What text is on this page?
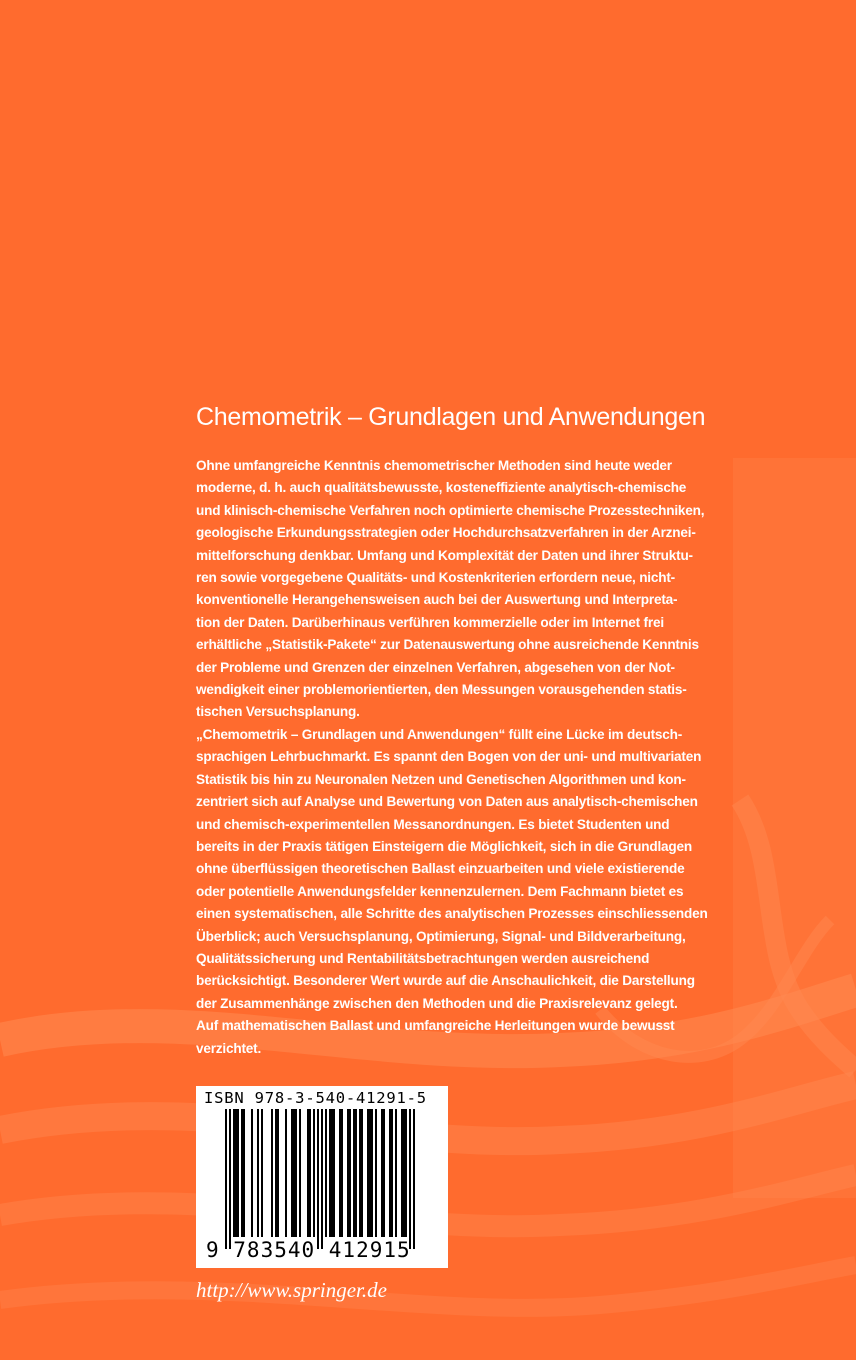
Chemometrik – Grundlagen und Anwendungen
Ohne umfangreiche Kenntnis chemometrischer Methoden sind heute weder
moderne, d. h. auch qualitätsbewusste, kosteneffiziente analytisch-chemische
und klinisch-chemische Verfahren noch optimierte chemische Prozesstechniken,
geologische Erkundungsstrategien oder Hochdurchsatzverfahren in der Arznei-
mittelforschung denkbar. Umfang und Komplexität der Daten und ihrer Struktu-
ren sowie vorgegebene Qualitäts- und Kostenkriterien erfordern neue, nicht-
konventionelle Herangehensweisen auch bei der Auswertung und Interpreta-
tion der Daten. Darüberhinaus verführen kommerzielle oder im Internet frei
erhältliche „Statistik-Pakete“ zur Datenauswertung ohne ausreichende Kenntnis
der Probleme und Grenzen der einzelnen Verfahren, abgesehen von der Not-
wendigkeit einer problemorientierten, den Messungen vorausgehenden statis-
tischen Versuchsplanung.
„Chemometrik – Grundlagen und Anwendungen“ füllt eine Lücke im deutsch-
sprachigen Lehrbuchmarkt. Es spannt den Bogen von der uni- und multivariaten
Statistik bis hin zu Neuronalen Netzen und Genetischen Algorithmen und kon-
zentriert sich auf Analyse und Bewertung von Daten aus analytisch-chemischen
und chemisch-experimentellen Messanordnungen. Es bietet Studenten und
bereits in der Praxis tätigen Einsteigern die Möglichkeit, sich in die Grundlagen
ohne überflüssigen theoretischen Ballast einzuarbeiten und viele existierende
oder potentielle Anwendungsfelder kennenzulernen. Dem Fachmann bietet es
einen systematischen, alle Schritte des analytischen Prozesses einschliessenden
Überblick; auch Versuchsplanung, Optimierung, Signal- und Bildverarbeitung,
Qualitätssicherung und Rentabilitätsbetrachtungen werden ausreichend
berücksichtigt. Besonderer Wert wurde auf die Anschaulichkeit, die Darstellung
der Zusammenhänge zwischen den Methoden und die Praxisrelevanz gelegt.
Auf mathematischen Ballast und umfangreiche Herleitungen wurde bewusst
verzichtet.

ISBN 978-3-540-41291-5

9 783540 412915

http://www.springer.de
